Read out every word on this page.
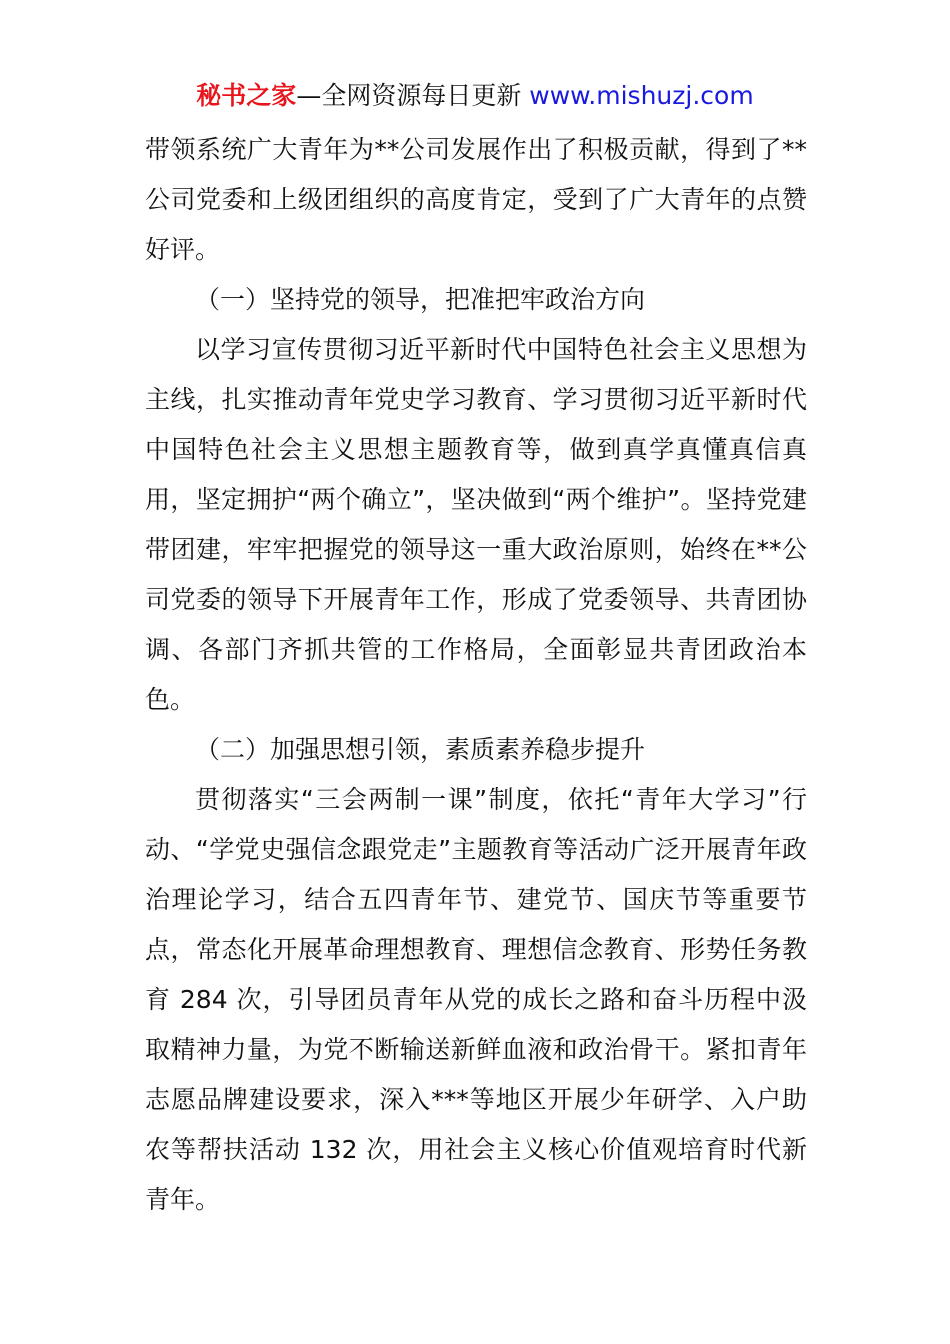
秘书之家—全网资源每日更新 www.mishuzj.com

带领系统广大青年为**公司发展作出了积极贡献，得到了**公司党委和上级团组织的高度肯定，受到了广大青年的点赞好评。

（一）坚持党的领导，把准把牢政治方向

以学习宣传贯彻习近平新时代中国特色社会主义思想为主线，扎实推动青年党史学习教育、学习贯彻习近平新时代中国特色社会主义思想主题教育等，做到真学真懂真信真用，坚定拥护“两个确立”，坚决做到“两个维护”。坚持党建带团建，牢牢把握党的领导这一重大政治原则，始终在**公司党委的领导下开展青年工作，形成了党委领导、共青团协调、各部门齐抓共管的工作格局，全面彰显共青团政治本色。

（二）加强思想引领，素质素养稳步提升

贯彻落实“三会两制一课”制度，依托“青年大学习”行动、“学党史强信念跟党走”主题教育等活动广泛开展青年政治理论学习，结合五四青年节、建党节、国庆节等重要节点，常态化开展革命理想教育、理想信念教育、形势任务教育 284 次，引导团员青年从党的成长之路和奋斗历程中汲取精神力量，为党不断输送新鲜血液和政治骨干。紧扣青年志愿品牌建设要求，深入***等地区开展少年研学、入户助农等帮扶活动 132 次，用社会主义核心价值观培育时代新青年。
